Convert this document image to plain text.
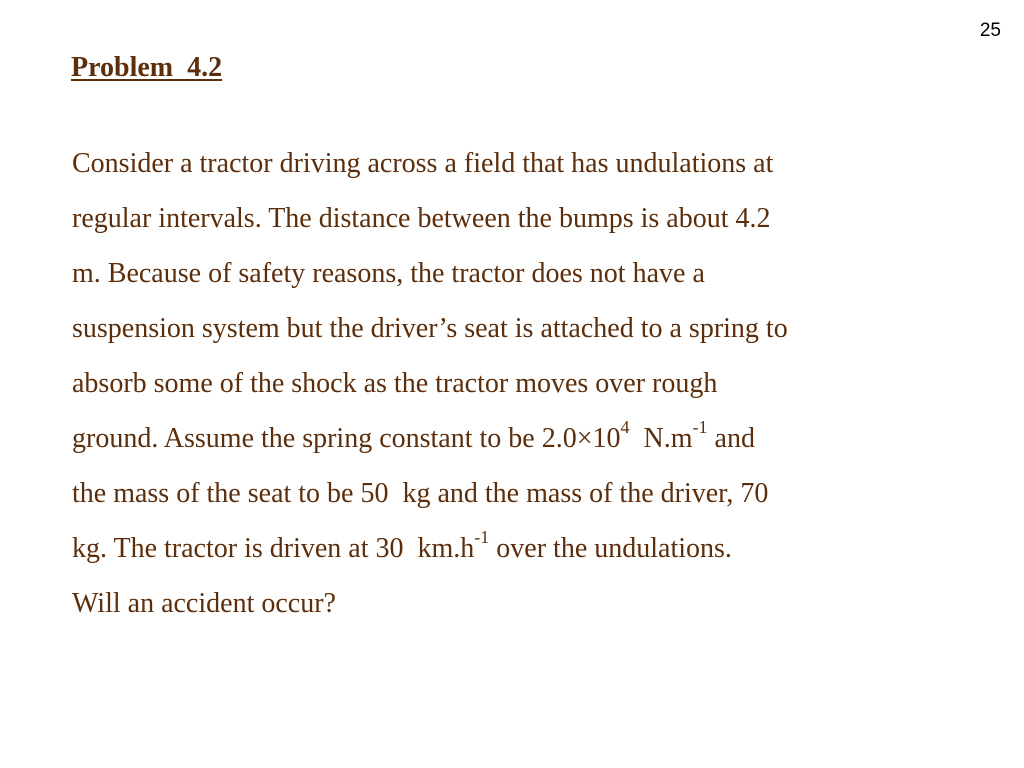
25
Problem  4.2
Consider a tractor driving across a field that has undulations at
regular intervals. The distance between the bumps is about 4.2
m. Because of safety reasons, the tractor does not have a
suspension system but the driver’s seat is attached to a spring to
absorb some of the shock as the tractor moves over rough
ground. Assume the spring constant to be $2.0\times 10^4$  $N.m^{-1}$ and
the mass of the seat to be 50  kg and the mass of the driver, 70
kg. The tractor is driven at 30  $km.h^{-1}$ over the undulations.
Will an accident occur?
